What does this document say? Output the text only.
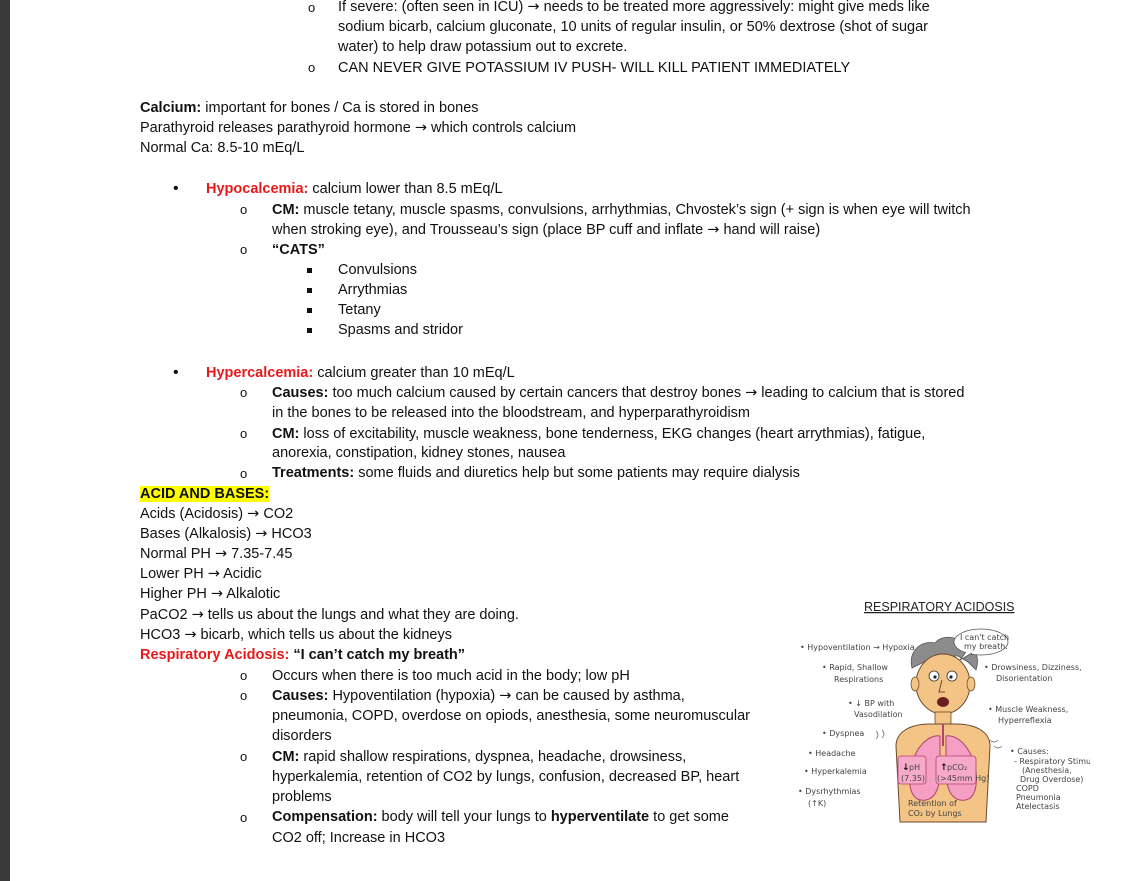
o If severe: (often seen in ICU) → needs to be treated more aggressively: might give meds like
sodium bicarb, calcium gluconate, 10 units of regular insulin, or 50% dextrose (shot of sugar
water) to help draw potassium out to excrete.
o CAN NEVER GIVE POTASSIUM IV PUSH- WILL KILL PATIENT IMMEDIATELY
Calcium: important for bones / Ca is stored in bones
Parathyroid releases parathyroid hormone → which controls calcium
Normal Ca: 8.5-10 mEq/L
• Hypocalcemia: calcium lower than 8.5 mEq/L
o CM: muscle tetany, muscle spasms, convulsions, arrhythmias, Chvostek’s sign (+ sign is when eye will twitch
when stroking eye), and Trousseau’s sign (place BP cuff and inflate → hand will raise)
o “CATS”
Convulsions
Arrythmias
Tetany
Spasms and stridor
• Hypercalcemia: calcium greater than 10 mEq/L
o Causes: too much calcium caused by certain cancers that destroy bones → leading to calcium that is stored
in the bones to be released into the bloodstream, and hyperparathyroidism
o CM: loss of excitability, muscle weakness, bone tenderness, EKG changes (heart arrythmias), fatigue,
anorexia, constipation, kidney stones, nausea
o Treatments: some fluids and diuretics help but some patients may require dialysis
ACID AND BASES:
Acids (Acidosis) → CO2
Bases (Alkalosis) → HCO3
Normal PH → 7.35-7.45
Lower PH → Acidic
Higher PH → Alkalotic
PaCO2 → tells us about the lungs and what they are doing.
HCO3 → bicarb, which tells us about the kidneys
Respiratory Acidosis: “I can’t catch my breath”
o Occurs when there is too much acid in the body; low pH
o Causes: Hypoventilation (hypoxia) → can be caused by asthma,
pneumonia, COPD, overdose on opiods, anesthesia, some neuromuscular
disorders
o CM: rapid shallow respirations, dyspnea, headache, drowsiness,
hyperkalemia, retention of CO2 by lungs, confusion, decreased BP, heart
problems
o Compensation: body will tell your lungs to hyperventilate to get some
CO2 off; Increase in HCO3
RESPIRATORY ACIDOSIS
↓ pH
(7.35)
↑ pCO₂
(>45mm Hg)
Retention of
CO₂ by Lungs
I can't catch
my breath.
• Hypoventilation → Hypoxia
• Rapid, Shallow
Respirations
• ↓ BP with
Vasodilation
• Dyspnea
• Headache
• Hyperkalemia
• Dysrhythmias
(↑K)
• Drowsiness, Dizziness,
Disorientation
• Muscle Weakness,
Hyperreflexia
• Causes:
- Respiratory Stimul.
(Anesthesia,
Drug Overdose)
COPD
Pneumonia
Atelectasis
